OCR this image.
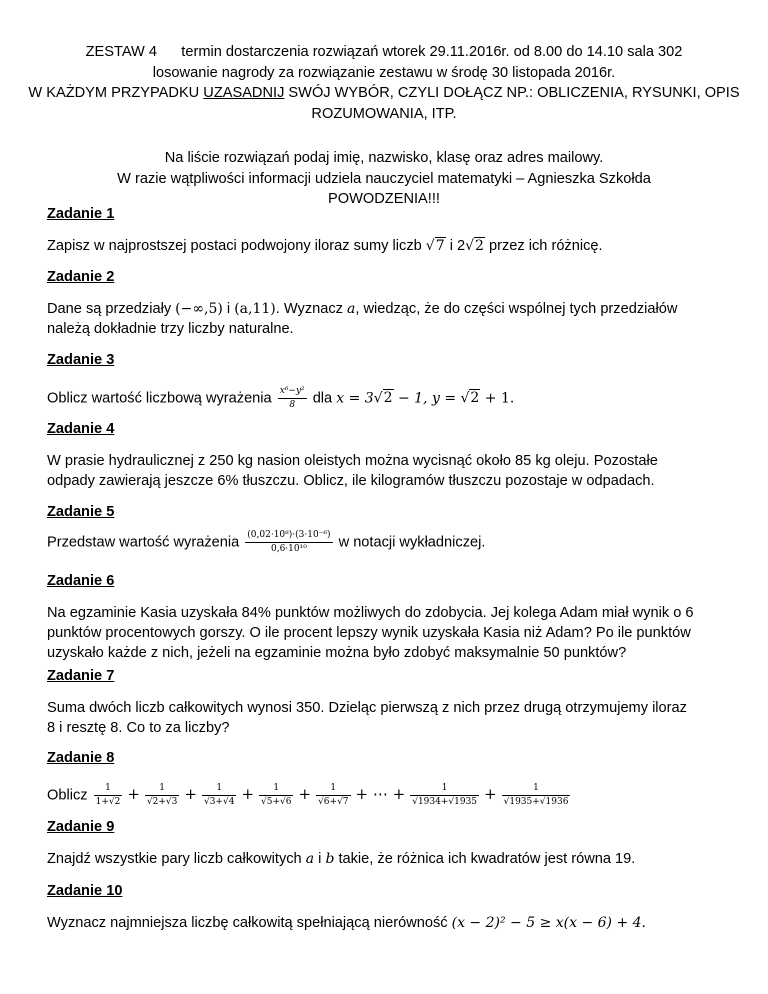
ZESTAW 4      termin dostarczenia rozwiązań wtorek 29.11.2016r. od 8.00 do 14.10 sala 302
losowanie nagrody za rozwiązanie zestawu w środę 30 listopada 2016r.
W KAŻDYM PRZYPADKU UZASADNIJ SWÓJ WYBÓR, CZYLI DOŁĄCZ NP.: OBLICZENIA, RYSUNKI, OPIS
ROZUMOWANIA, ITP.
Na liście rozwiązań podaj imię, nazwisko, klasę oraz adres mailowy.
W razie wątpliwości informacji udziela nauczyciel matematyki – Agnieszka Szkołda
POWODZENIA!!!
Zadanie 1
Zapisz w najprostszej postaci podwojony iloraz sumy liczb √7 i 2√2 przez ich różnicę.
Zadanie 2
Dane są przedziały (−∞,5) i (a,11). Wyznacz a, wiedząc, że do części wspólnej tych przedziałów
należą dokładnie trzy liczby naturalne.
Zadanie 3
Oblicz wartość liczbową wyrażenia $\frac{\text{x⁶−y²}}{8}$ dla x = 3√2 − 1, y = √2 + 1.
Zadanie 4
W prasie hydraulicznej z 250 kg nasion oleistych można wycisnąć około 85 kg oleju. Pozostałe
odpady zawierają jeszcze 6% tłuszczu. Oblicz, ile kilogramów tłuszczu pozostaje w odpadach.
Zadanie 5
Przedstaw wartość wyrażenia $\frac{\text{(0,02·10⁸)·(3·10⁻⁶)}}{\text{0,6·10¹⁰}}$ w notacji wykładniczej.
Zadanie 6
Na egzaminie Kasia uzyskała 84% punktów możliwych do zdobycia. Jej kolega Adam miał wynik o 6
punktów procentowych gorszy. O ile procent lepszy wynik uzyskała Kasia niż Adam? Po ile punktów
uzyskało każde z nich, jeżeli na egzaminie można było zdobyć maksymalnie 50 punktów?
Zadanie 7
Suma dwóch liczb całkowitych wynosi 350. Dzieląc pierwszą z nich przez drugą otrzymujemy iloraz
8 i resztę 8. Co to za liczby?
Zadanie 8
Oblicz $\frac{1}{1+√2} + \frac{1}{√2+√3} + \frac{1}{√3+√4} + \frac{1}{√5+√6} + \frac{1}{√6+√7}$ + ⋯ + $\frac{1}{√1934+√1935} + \frac{1}{√1935+√1936}$
Zadanie 9
Znajdź wszystkie pary liczb całkowitych a i b takie, że różnica ich kwadratów jest równa 19.
Zadanie 10
Wyznacz najmniejsza liczbę całkowitą spełniającą nierówność (x − 2)² − 5 ≥ x(x − 6) + 4.
